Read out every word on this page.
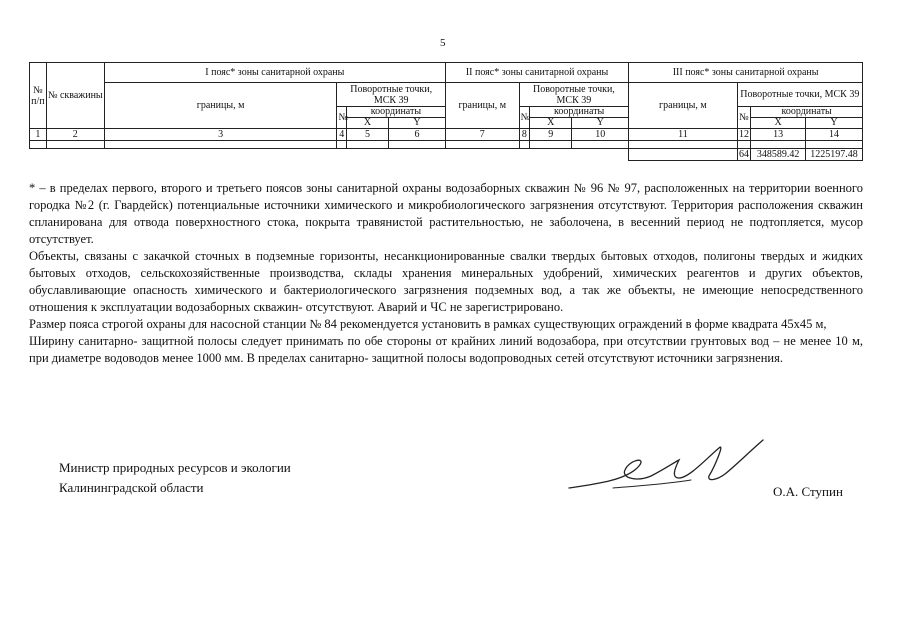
5
№ п/п	№ скважины	I пояс* зоны санитарной охраны				II пояс* зоны санитарной охраны				III пояс* зоны санитарной охраны			
		границы, м	Поворотные точки, МСК 39			границы, м	Поворотные точки, МСК 39			границы, м	Поворотные точки, МСК 39		
			№	координаты			№	координаты			№	координаты	
				X	Y			X	Y			X	Y
1	2	3	4	5	6	7	8	9	10	11	12	13	14

											64	348589.42	1225197.48

* – в пределах первого, второго и третьего поясов зоны санитарной охраны водозаборных скважин № 96 № 97, расположенных на территории военного городка №2 (г. Гвардейск) потенциальные источники химического и микробиологического загрязнения отсутствуют. Территория расположения скважин спланирована для отвода поверхностного стока, покрыта травянистой растительностью, не заболочена, в весенний период не подтопляется, мусор отсутствует.

Объекты, связаны с закачкой сточных в подземные горизонты, несанкционированные свалки твердых бытовых отходов, полигоны твердых и жидких бытовых отходов, сельскохозяйственные производства, склады хранения минеральных удобрений, химических реагентов и других объектов, обуславливающие опасность химического и бактериологического загрязнения подземных вод, а так же объекты, не имеющие непосредственного отношения к эксплуатации водозаборных скважин- отсутствуют. Аварий и ЧС не зарегистрировано.

Размер пояса строгой охраны для насосной станции № 84 рекомендуется установить в рамках существующих ограждений в форме квадрата 45х45 м,

Ширину санитарно- защитной полосы следует принимать по обе стороны от крайних линий водозабора, при отсутствии грунтовых вод – не менее 10 м, при диаметре водоводов менее 1000 мм. В пределах санитарно- защитной полосы водопроводных сетей отсутствуют источники загрязнения.

Министр природных ресурсов и экологии
Калининградской области	О.А. Ступин
